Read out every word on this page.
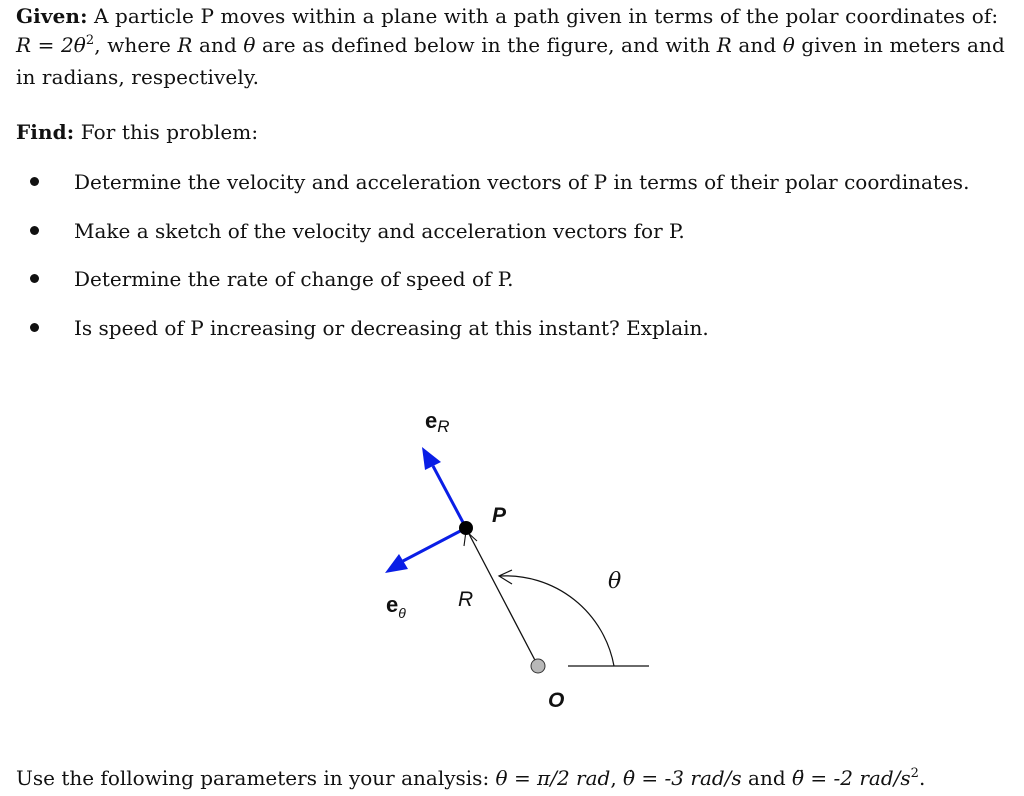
Given: A particle P moves within a plane with a path given in terms of the polar coordinates of: $R = 2\theta^2$, where R and θ are as defined below in the figure, and with R and θ given in meters and in radians, respectively.
Find: For this problem:
Determine the velocity and acceleration vectors of P in terms of their polar coordinates.
Make a sketch of the velocity and acceleration vectors for P.
Determine the rate of change of speed of P.
Is speed of P increasing or decreasing at this instant? Explain.
eR
$e_\theta$
P
R
θ
O
Use the following parameters in your analysis: θ = π/2 rad, θ̇ = -3 rad/s and θ̈ = -2 rad/$s^2$.
